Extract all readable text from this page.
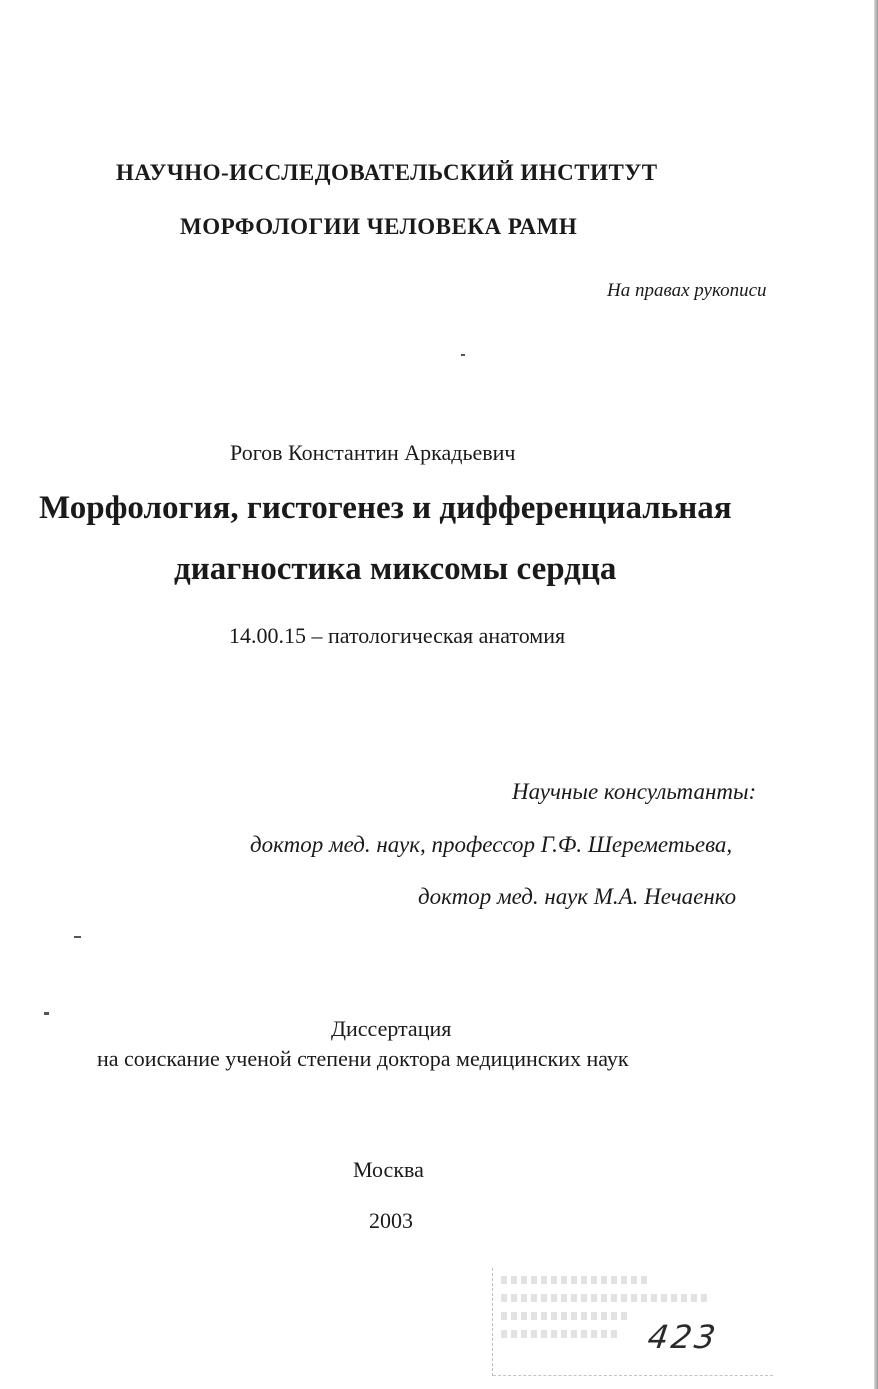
НАУЧНО-ИССЛЕДОВАТЕЛЬСКИЙ ИНСТИТУТ
МОРФОЛОГИИ ЧЕЛОВЕКА РАМН
На правах рукописи
Рогов Константин Аркадьевич
Морфология, гистогенез и дифференциальная
диагностика миксомы сердца
14.00.15 – патологическая анатомия
Научные консультанты:
доктор мед. наук, профессор Г.Ф. Шереметьева,
доктор мед. наук М.А. Нечаенко
Диссертация
на соискание ученой степени доктора медицинских наук
Москва
2003
423
